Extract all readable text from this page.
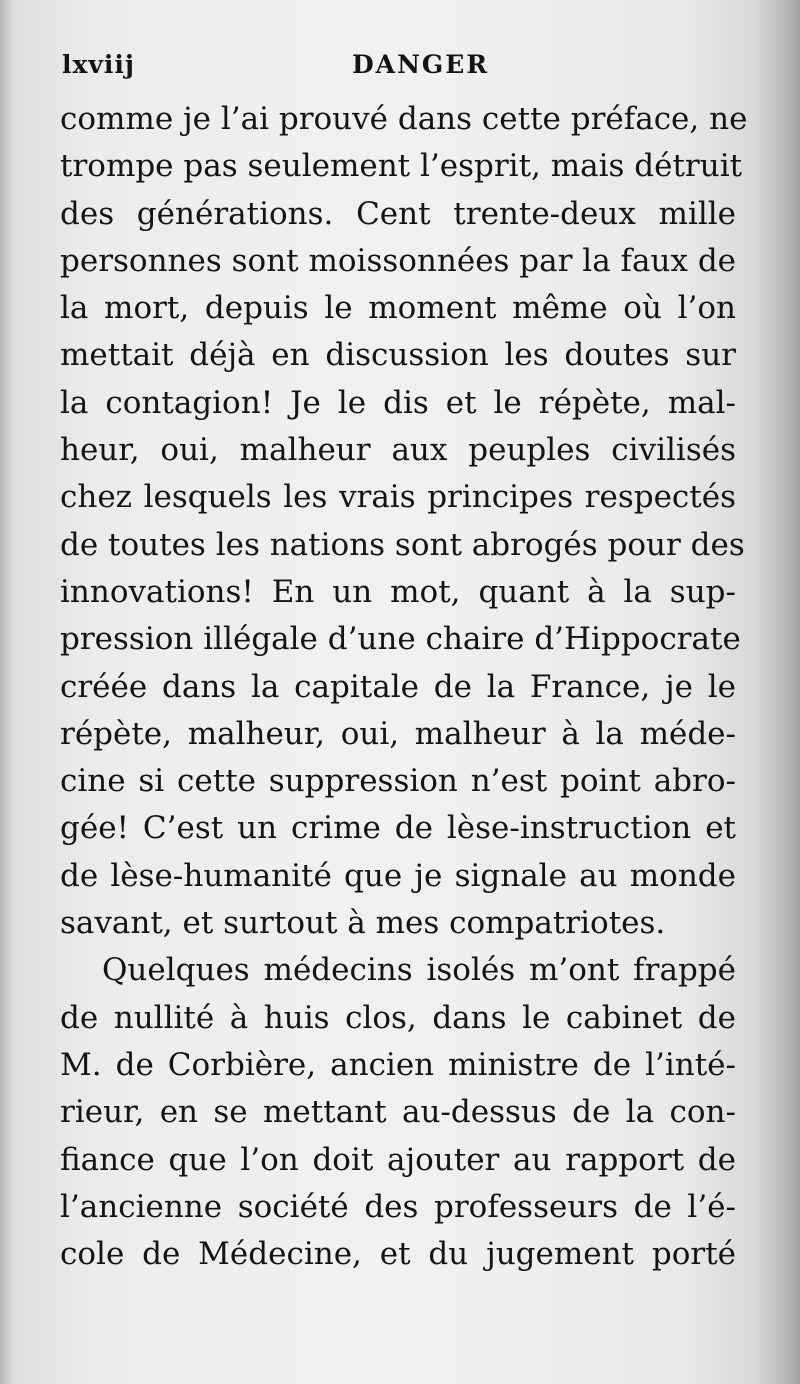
lxviij	DANGER
comme je l’ai prouvé dans cette préface, ne
trompe pas seulement l’esprit, mais détruit
des générations. Cent trente-deux mille
personnes sont moissonnées par la faux de
la mort, depuis le moment même où l’on
mettait déjà en discussion les doutes sur
la contagion! Je le dis et le répète, mal-
heur, oui, malheur aux peuples civilisés
chez lesquels les vrais principes respectés
de toutes les nations sont abrogés pour des
innovations! En un mot, quant à la sup-
pression illégale d’une chaire d’Hippocrate
créée dans la capitale de la France, je le
répète, malheur, oui, malheur à la méde-
cine si cette suppression n’est point abro-
gée! C’est un crime de lèse-instruction et
de lèse-humanité que je signale au monde
savant, et surtout à mes compatriotes.
Quelques médecins isolés m’ont frappé
de nullité à huis clos, dans le cabinet de
M. de Corbière, ancien ministre de l’inté-
rieur, en se mettant au-dessus de la con-
fiance que l’on doit ajouter au rapport de
l’ancienne société des professeurs de l’é-
cole de Médecine, et du jugement porté
